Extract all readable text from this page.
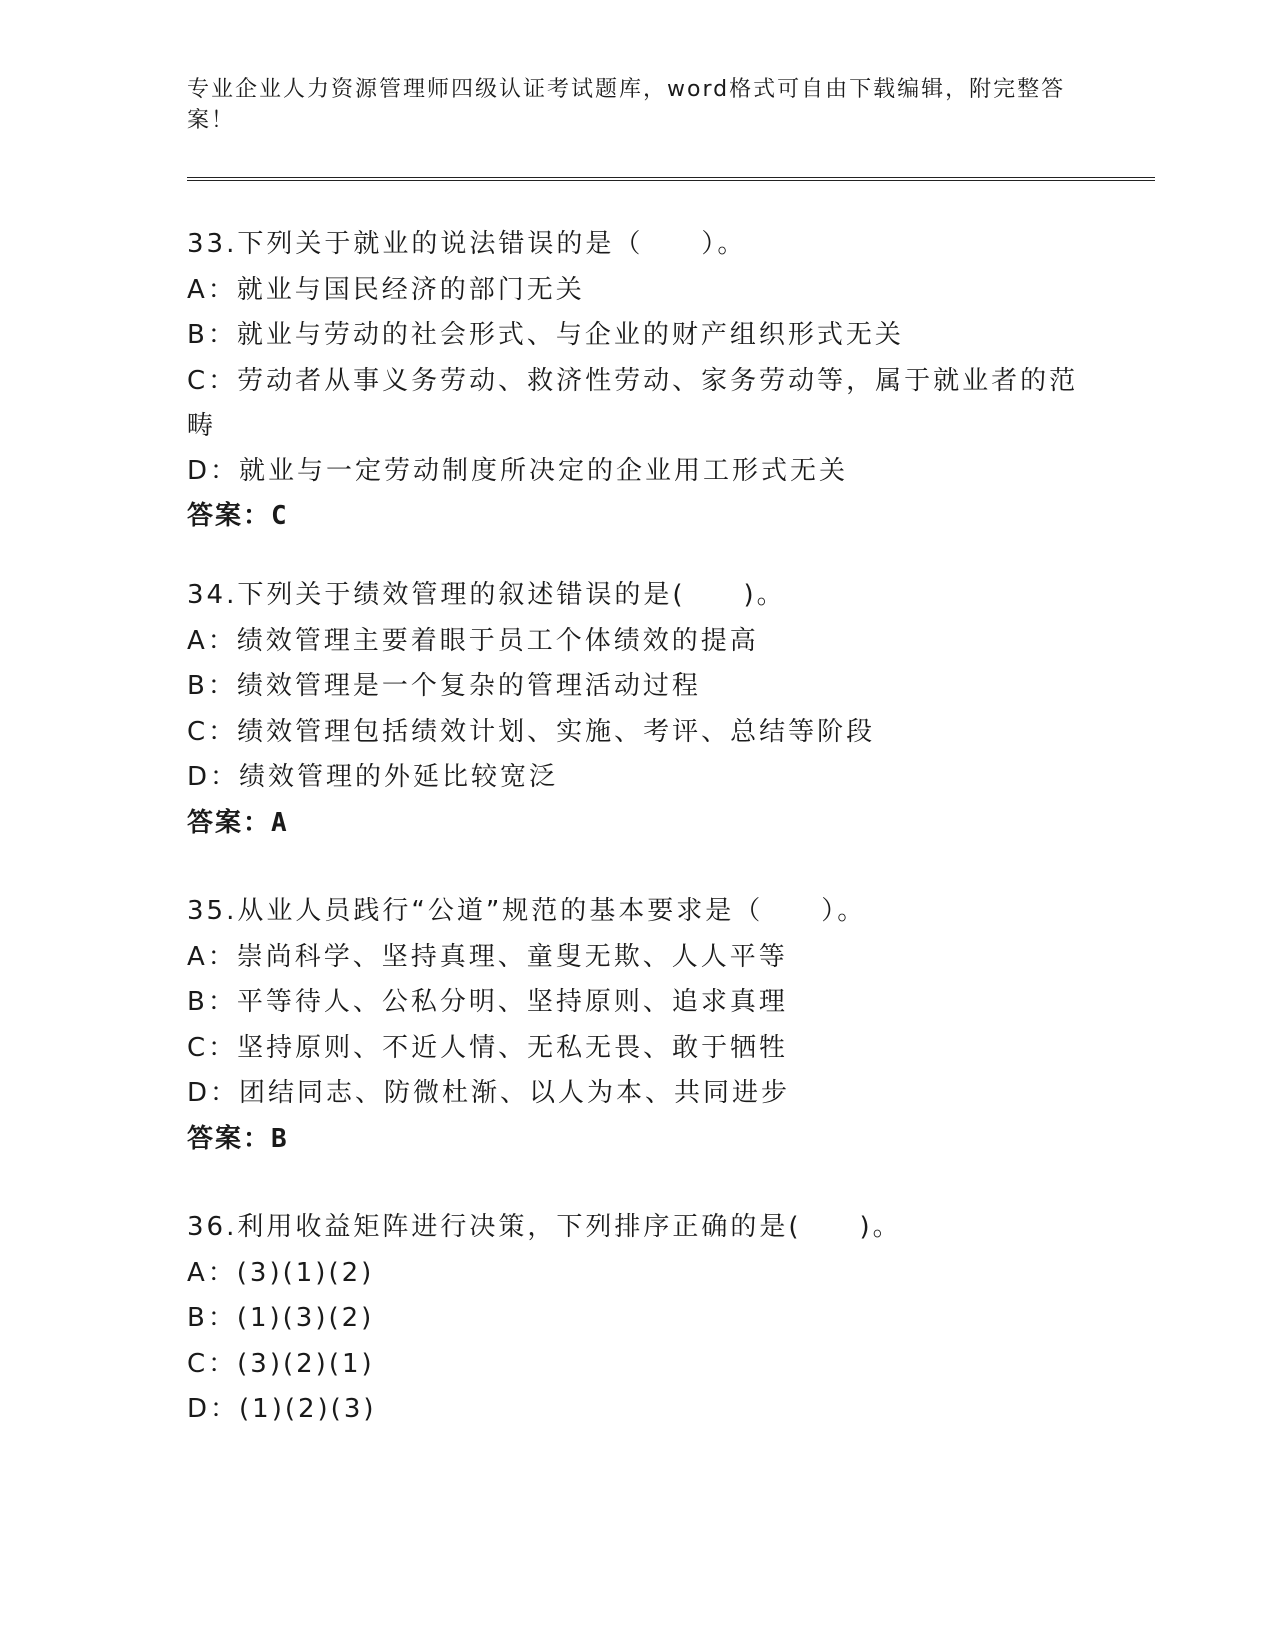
专业企业人力资源管理师四级认证考试题库，word格式可自由下载编辑，附完整答案！

33.下列关于就业的说法错误的是（　　）。

A：就业与国民经济的部门无关

B：就业与劳动的社会形式、与企业的财产组织形式无关

C：劳动者从事义务劳动、救济性劳动、家务劳动等，属于就业者的范畴

D：就业与一定劳动制度所决定的企业用工形式无关

答案：C

34.下列关于绩效管理的叙述错误的是(　　)。

A：绩效管理主要着眼于员工个体绩效的提高

B：绩效管理是一个复杂的管理活动过程

C：绩效管理包括绩效计划、实施、考评、总结等阶段

D：绩效管理的外延比较宽泛

答案：A

35.从业人员践行“公道”规范的基本要求是（　　）。

A：崇尚科学、坚持真理、童叟无欺、人人平等

B：平等待人、公私分明、坚持原则、追求真理

C：坚持原则、不近人情、无私无畏、敢于牺牲

D：团结同志、防微杜渐、以人为本、共同进步

答案：B

36.利用收益矩阵进行决策，下列排序正确的是(　　)。

A：(3)(1)(2)

B：(1)(3)(2)

C：(3)(2)(1)

D：(1)(2)(3)
